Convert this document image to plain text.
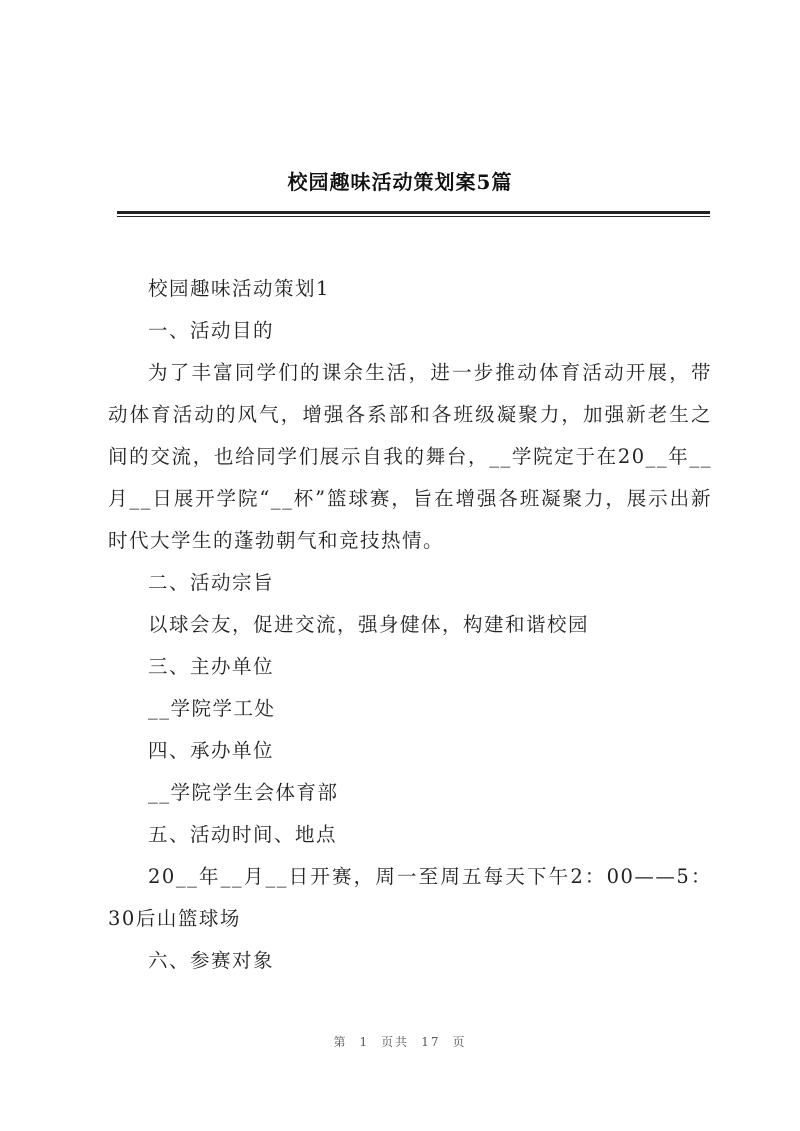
校园趣味活动策划案5篇

校园趣味活动策划1

一、活动目的

为了丰富同学们的课余生活，进一步推动体育活动开展，带动体育活动的风气，增强各系部和各班级凝聚力，加强新老生之间的交流，也给同学们展示自我的舞台，__学院定于在20__年__月__日展开学院“__杯”篮球赛，旨在增强各班凝聚力，展示出新时代大学生的蓬勃朝气和竞技热情。

二、活动宗旨

以球会友，促进交流，强身健体，构建和谐校园

三、主办单位

__学院学工处

四、承办单位

__学院学生会体育部

五、活动时间、地点

20__年__月__日开赛，周一至周五每天下午2：00——5：30后山篮球场

六、参赛对象

第 1 页共 17 页
